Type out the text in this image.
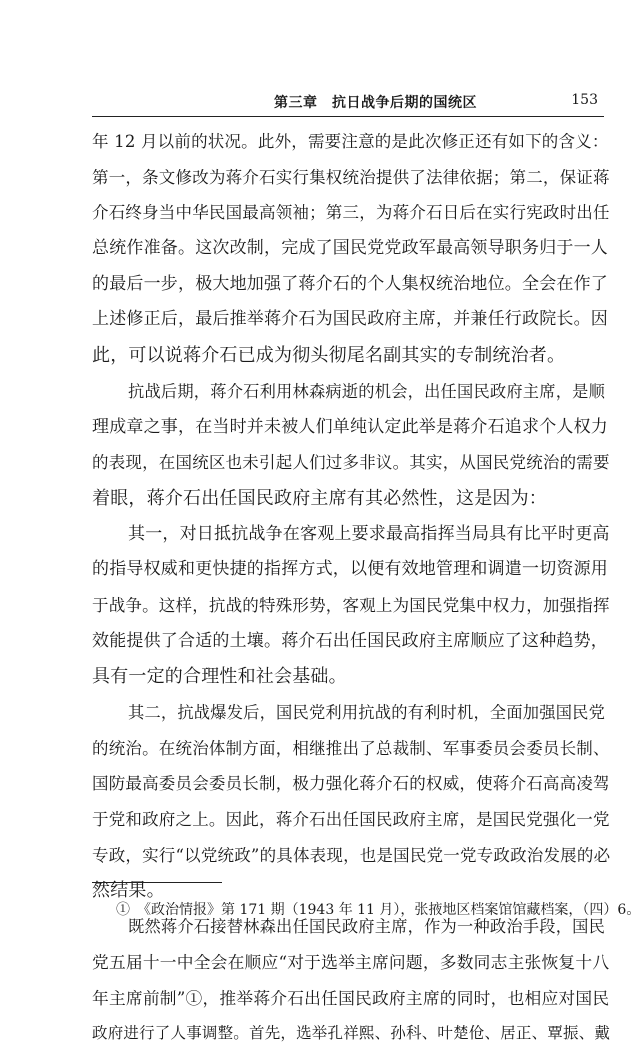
第三章　抗日战争后期的国统区	153
年 12 月以前的状况。此外，需要注意的是此次修正还有如下的含义：
第一，条文修改为蒋介石实行集权统治提供了法律依据；第二，保证蒋
介石终身当中华民国最高领袖；第三，为蒋介石日后在实行宪政时出任
总统作准备。这次改制，完成了国民党党政军最高领导职务归于一人
的最后一步，极大地加强了蒋介石的个人集权统治地位。全会在作了
上述修正后，最后推举蒋介石为国民政府主席，并兼任行政院长。因
此，可以说蒋介石已成为彻头彻尾名副其实的专制统治者。
抗战后期，蒋介石利用林森病逝的机会，出任国民政府主席，是顺
理成章之事，在当时并未被人们单纯认定此举是蒋介石追求个人权力
的表现，在国统区也未引起人们过多非议。其实，从国民党统治的需要
着眼，蒋介石出任国民政府主席有其必然性，这是因为：
其一，对日抵抗战争在客观上要求最高指挥当局具有比平时更高
的指导权威和更快捷的指挥方式，以便有效地管理和调遣一切资源用
于战争。这样，抗战的特殊形势，客观上为国民党集中权力，加强指挥
效能提供了合适的土壤。蒋介石出任国民政府主席顺应了这种趋势，
具有一定的合理性和社会基础。
其二，抗战爆发后，国民党利用抗战的有利时机，全面加强国民党
的统治。在统治体制方面，相继推出了总裁制、军事委员会委员长制、
国防最高委员会委员长制，极力强化蒋介石的权威，使蒋介石高高凌驾
于党和政府之上。因此，蒋介石出任国民政府主席，是国民党强化一党
专政，实行“以党统政”的具体表现，也是国民党一党专政政治发展的必
然结果。
既然蒋介石接替林森出任国民政府主席，作为一种政治手段，国民
党五届十一中全会在顺应“对于选举主席问题，多数同志主张恢复十八
年主席前制”①，推举蒋介石出任国民政府主席的同时，也相应对国民
政府进行了人事调整。首先，选举孔祥熙、孙科、叶楚伧、居正、覃振、戴
①　《政治情报》第 171 期（1943 年 11 月），张掖地区档案馆馆藏档案，（四）6。
